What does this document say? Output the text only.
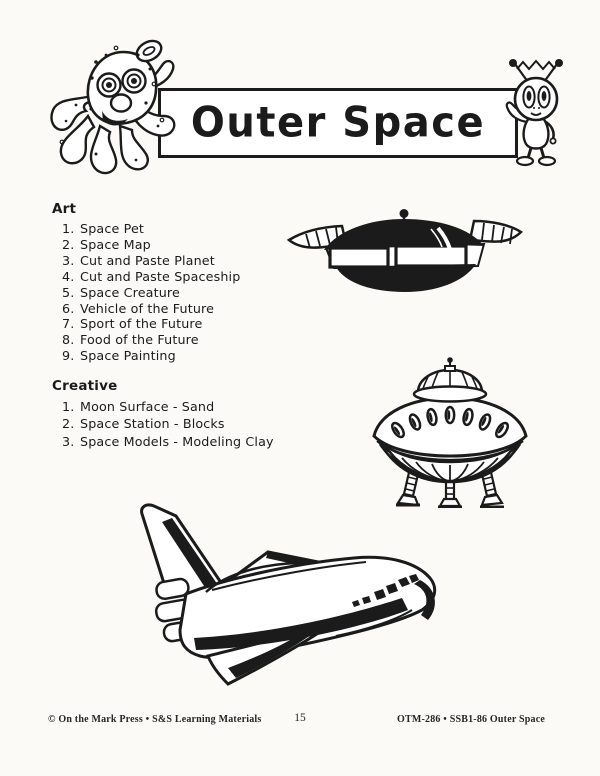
Outer Space
Art
1. Space Pet
2. Space Map
3. Cut and Paste Planet
4. Cut and Paste Spaceship
5. Space Creature
6. Vehicle of the Future
7. Sport of the Future
8. Food of the Future
9. Space Painting
Creative
1. Moon Surface - Sand
2. Space Station - Blocks
3. Space Models - Modeling Clay
© On the Mark Press • S&S Learning Materials	15	OTM-286 • SSB1-86 Outer Space
